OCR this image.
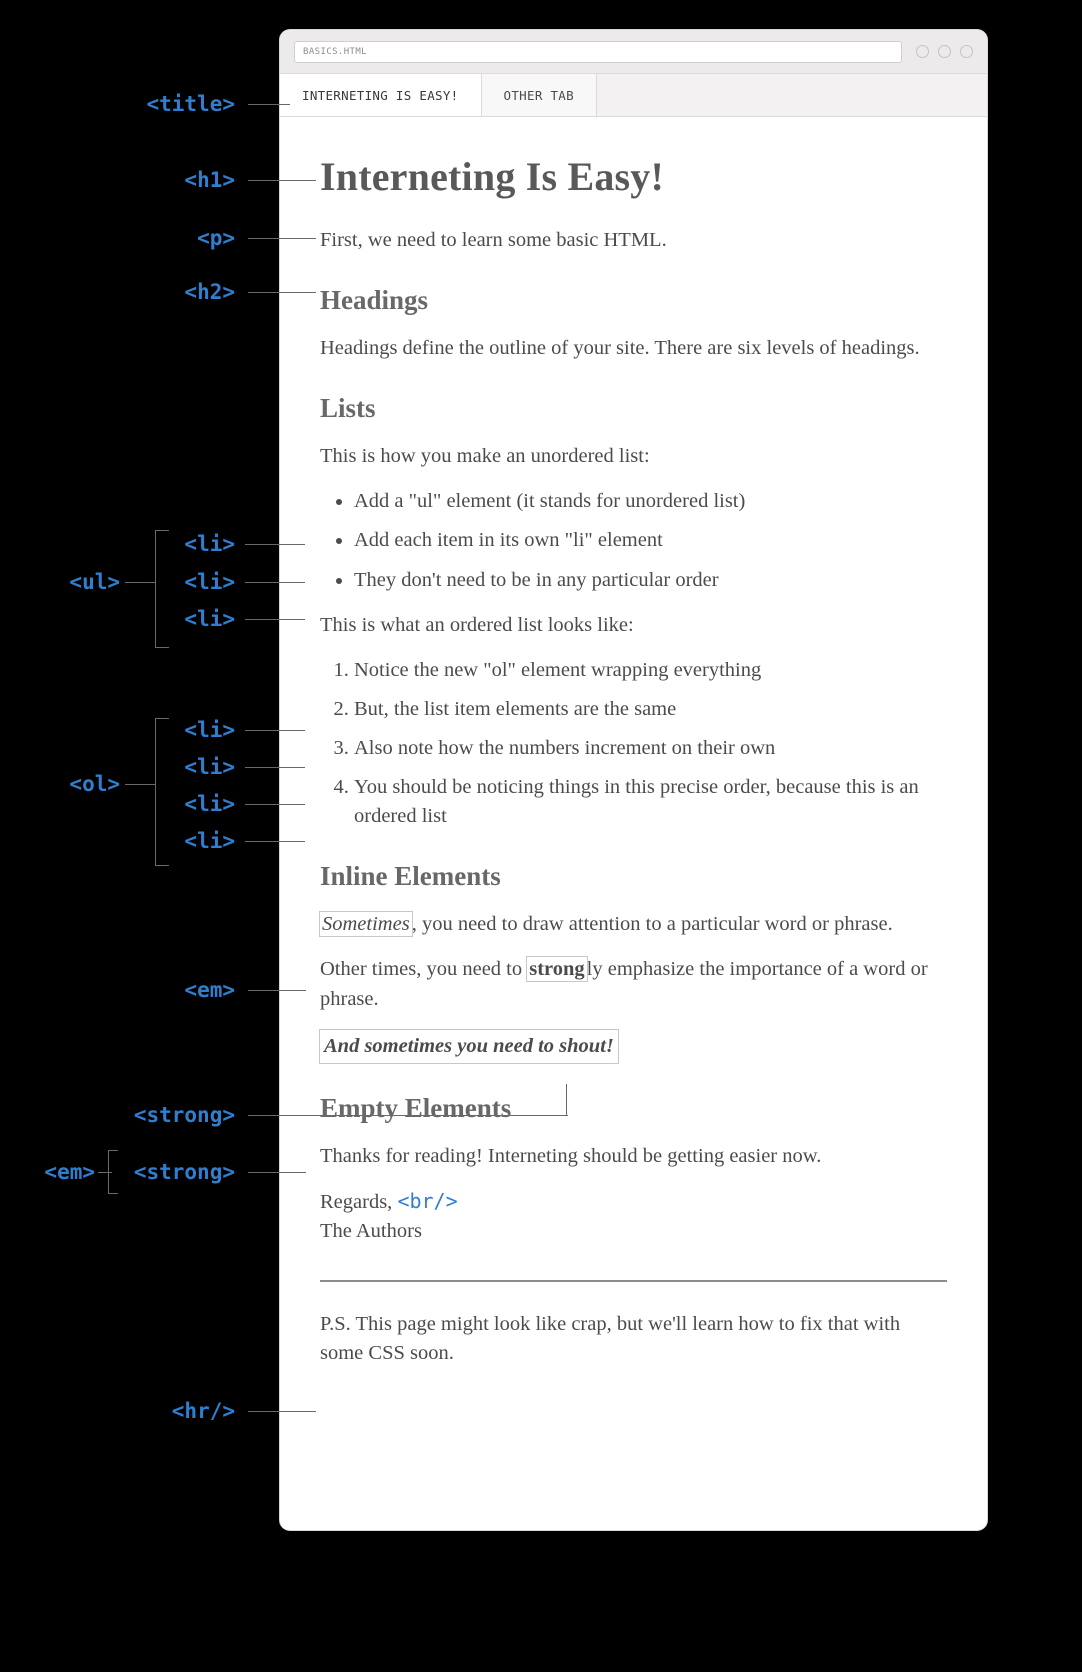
BASICS.HTML
INTERNETING IS EASY!	OTHER TAB
Interneting Is Easy!

First, we need to learn some basic HTML.

Headings

Headings define the outline of your site. There are six levels of headings.

Lists

This is how you make an unordered list:

• Add a "ul" element (it stands for unordered list)
• Add each item in its own "li" element
• They don't need to be in any particular order

This is what an ordered list looks like:

1. Notice the new "ol" element wrapping everything
2. But, the list item elements are the same
3. Also note how the numbers increment on their own
4. You should be noticing things in this precise order, because this is an ordered list
Inline Elements

Sometimes, you need to draw attention to a particular word or phrase.

Other times, you need to strongly emphasize the importance of a word or phrase.

And sometimes you need to shout!

Empty Elements

Thanks for reading! Interneting should be getting easier now.

Regards, <br/>
The Authors

P.S. This page might look like crap, but we'll learn how to fix that with some CSS soon.

<title>
<h1>
<p>
<h2>
<ul>
<li>
<li>
<li>
<ol>
<li>
<li>
<li>
<li>
<em>
<strong>
<em>	<strong>
<hr/>
